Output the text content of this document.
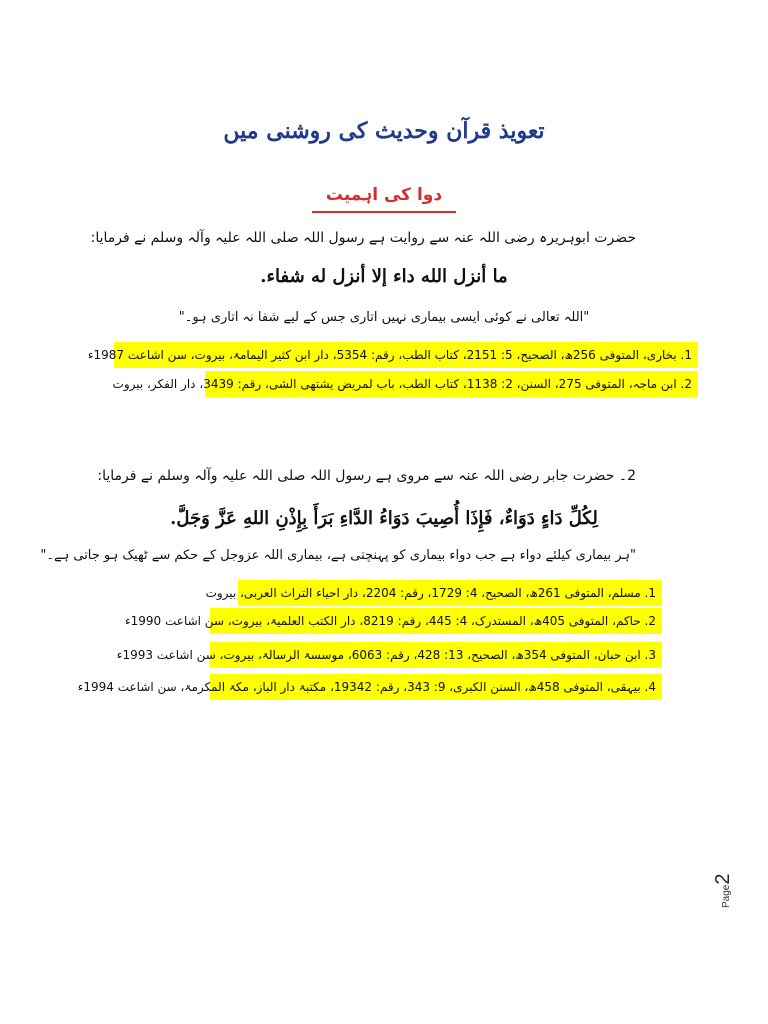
تعویذ قرآن وحدیث کی روشنی میں
دوا کی اہمیت
حضرت ابوہریرہ رضی اللہ عنہ سے روایت ہے رسول اللہ صلی اللہ علیہ وآلہ وسلم نے فرمایا:
ما أنزل الله داء إلا أنزل له شفاء.
"اللہ تعالی نے کوئی ایسی بیماری نہیں اتاری جس کے لیے شفا نہ اتاری ہو۔"
1. بخاری، المتوفی 256ھ، الصحیح، 5: 2151، کتاب الطب، رقم: 5354، دار ابن کثیر الیمامۃ، بیروت، سن اشاعت 1987ء
2. ابن ماجہ، المتوفی 275، السنن، 2: 1138، کتاب الطب، باب لمریض یشتھی الشی، رقم: 3439، دار الفکر، بیروت
2۔ حضرت جابر رضی اللہ عنہ سے مروی ہے رسول اللہ صلی اللہ علیہ وآلہ وسلم نے فرمایا:
لِكُلِّ دَاءٍ دَوَاءٌ، فَإِذَا أُصِيبَ دَوَاءُ الدَّاءِ بَرَأَ بِإِذْنِ اللهِ عَزَّ وَجَلَّ.
"ہر بیماری کیلئے دواء ہے جب دواء بیماری کو پہنچتی ہے، بیماری اللہ عزوجل کے حکم سے ٹھیک ہو جاتی ہے۔"
1. مسلم، المتوفی 261ھ، الصحیح، 4: 1729، رقم: 2204، دار احیاء التراث العربی، بیروت
2. حاکم، المتوفی 405ھ، المستدرک، 4: 445، رقم: 8219، دار الکتب العلمیۃ، بیروت، سن اشاعت 1990ء
3. ابن حبان، المتوفی 354ھ، الصحیح، 13: 428، رقم: 6063، موسسۃ الرسالۃ، بیروت، سن اشاعت 1993ء
4. بیہقی، المتوفی 458ھ، السنن الکبری، 9: 343، رقم: 19342، مکتبۃ دار الباز، مکۃ المکرمۃ، سن اشاعت 1994ء
Page2
